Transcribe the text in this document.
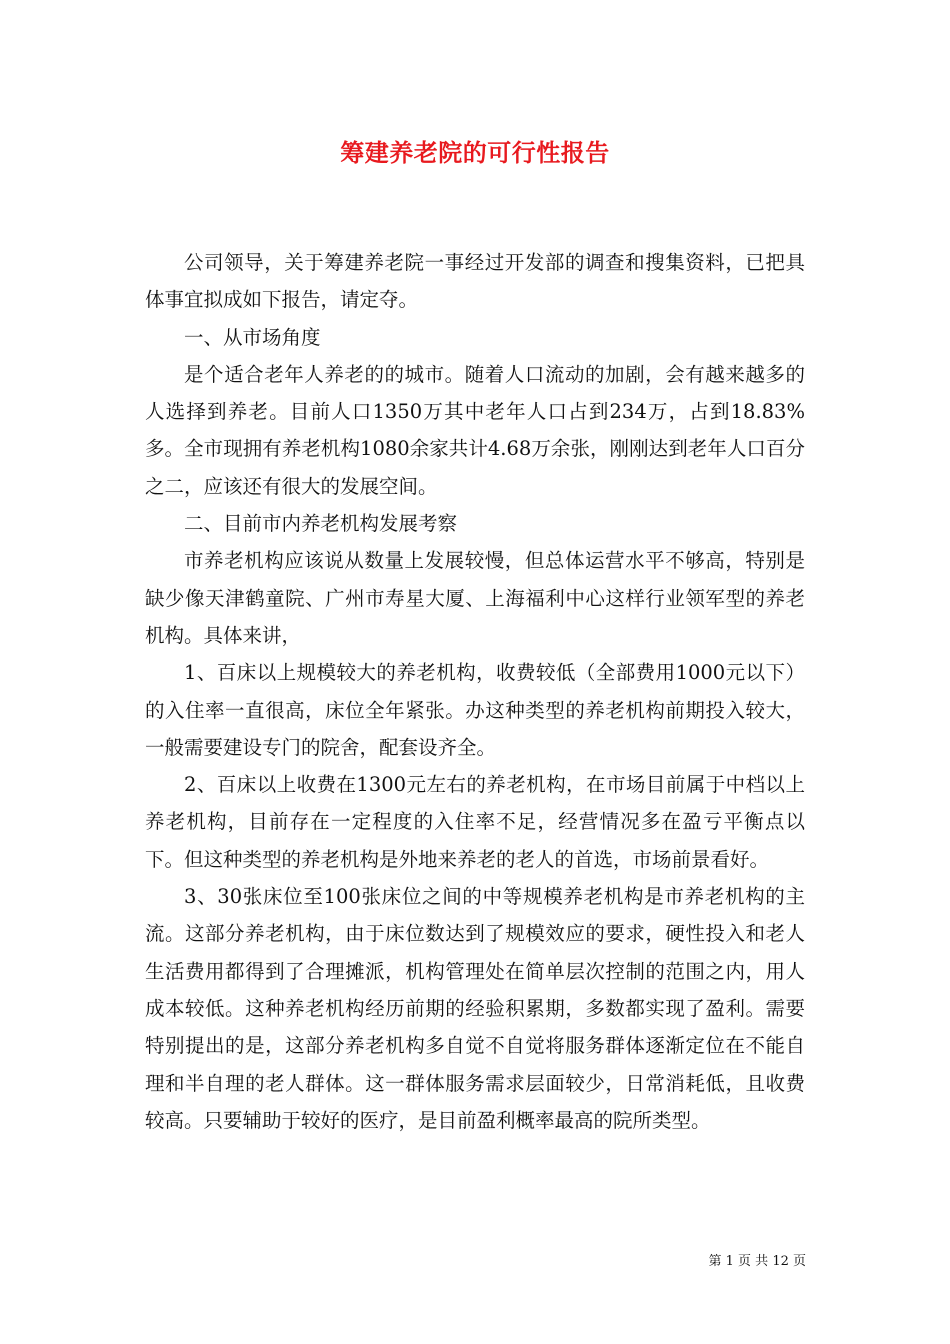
筹建养老院的可行性报告

公司领导，关于筹建养老院一事经过开发部的调查和搜集资料，已把具体事宜拟成如下报告，请定夺。

一、从市场角度

是个适合老年人养老的的城市。随着人口流动的加剧，会有越来越多的人选择到养老。目前人口1350万其中老年人口占到234万，占到18.83%多。全市现拥有养老机构1080余家共计4.68万余张，刚刚达到老年人口百分之二，应该还有很大的发展空间。

二、目前市内养老机构发展考察

市养老机构应该说从数量上发展较慢，但总体运营水平不够高，特别是缺少像天津鹤童院、广州市寿星大厦、上海福利中心这样行业领军型的养老机构。具体来讲，

1、百床以上规模较大的养老机构，收费较低（全部费用1000元以下）的入住率一直很高，床位全年紧张。办这种类型的养老机构前期投入较大，一般需要建设专门的院舍，配套设齐全。

2、百床以上收费在1300元左右的养老机构，在市场目前属于中档以上养老机构，目前存在一定程度的入住率不足，经营情况多在盈亏平衡点以下。但这种类型的养老机构是外地来养老的老人的首选，市场前景看好。

3、30张床位至100张床位之间的中等规模养老机构是市养老机构的主流。这部分养老机构，由于床位数达到了规模效应的要求，硬性投入和老人生活费用都得到了合理摊派，机构管理处在简单层次控制的范围之内，用人成本较低。这种养老机构经历前期的经验积累期，多数都实现了盈利。需要特别提出的是，这部分养老机构多自觉不自觉将服务群体逐渐定位在不能自理和半自理的老人群体。这一群体服务需求层面较少，日常消耗低，且收费较高。只要辅助于较好的医疗，是目前盈利概率最高的院所类型。

第 1 页 共 12 页
